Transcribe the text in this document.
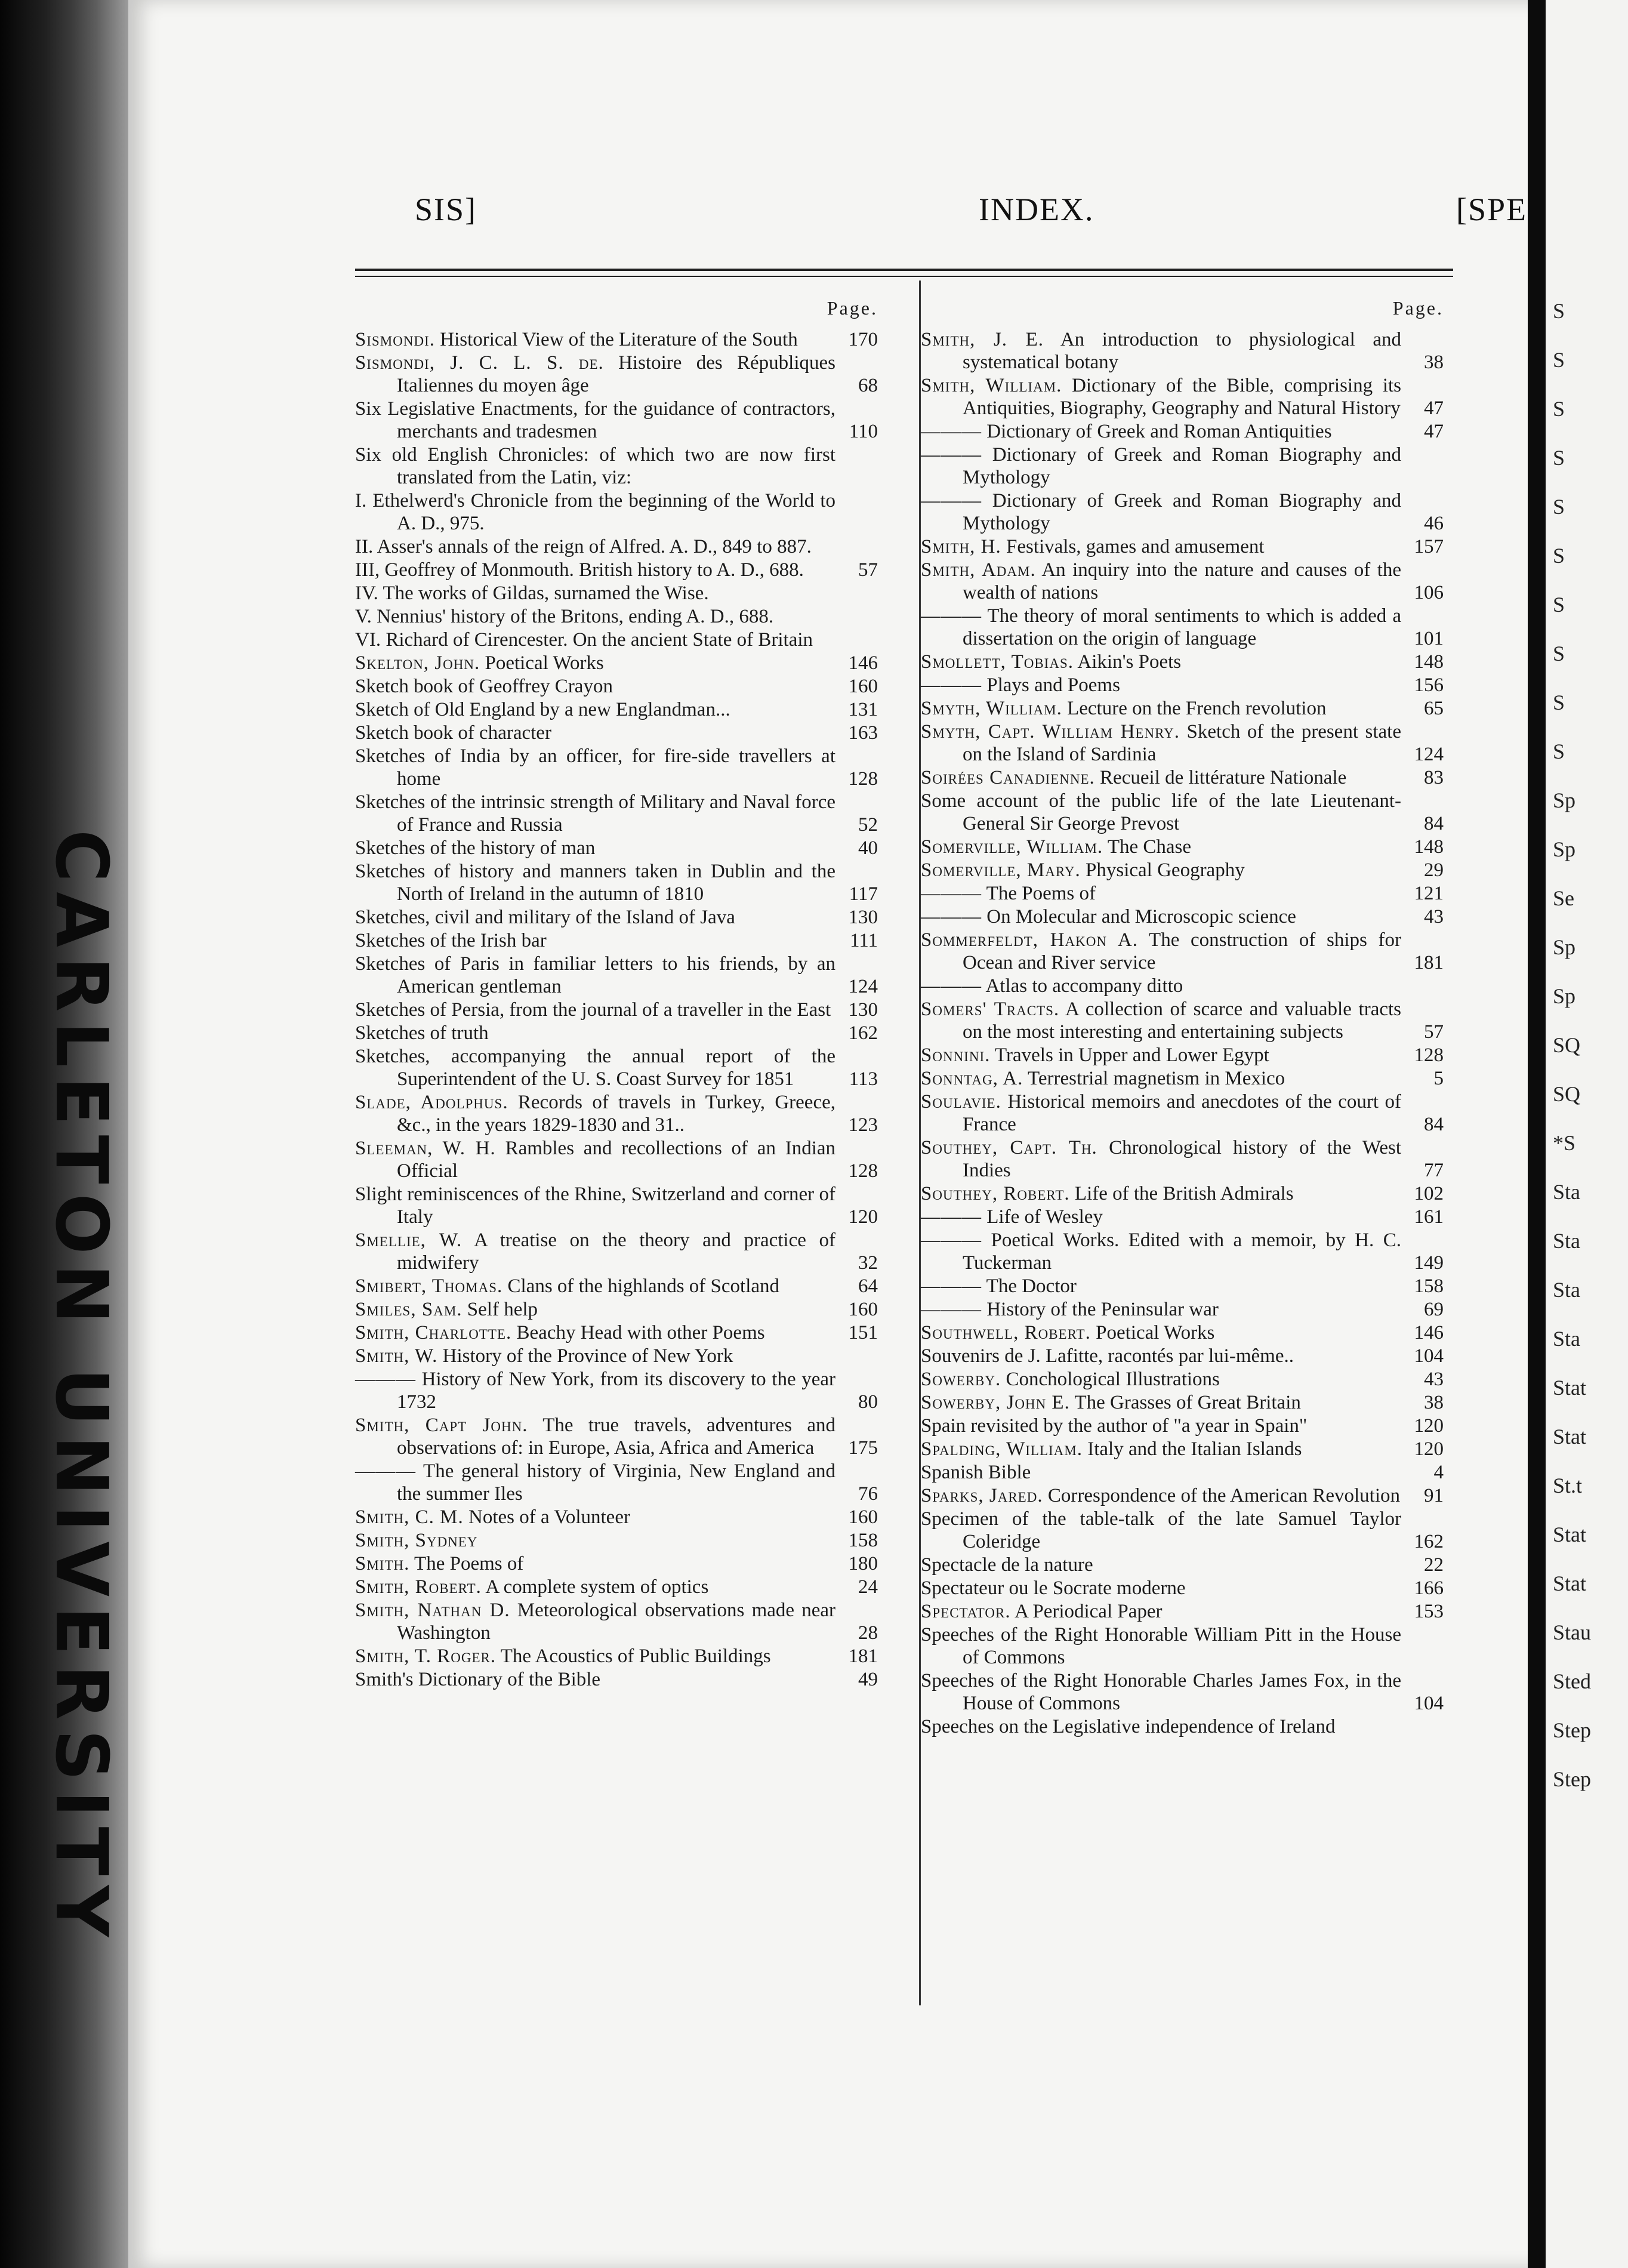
CARLETON UNIVERSITY
SIS]	INDEX.	[SPE
Page.
Sismondi. Historical View of the Literature of the South	170
Sismondi, J. C. L. S. de. Histoire des Républiques Italiennes du moyen âge	68
Six Legislative Enactments, for the guidance of contractors, merchants and tradesmen	110
Six old English Chronicles: of which two are now first translated from the Latin, viz:
I. Ethelwerd's Chronicle from the beginning of the World to A. D., 975.
II. Asser's annals of the reign of Alfred. A. D., 849 to 887.
III, Geoffrey of Monmouth. British history to A. D., 688.	57
IV. The works of Gildas, surnamed the Wise.
V. Nennius' history of the Britons, ending A. D., 688.
VI. Richard of Cirencester. On the ancient State of Britain
Skelton, John. Poetical Works	146
Sketch book of Geoffrey Crayon	160
Sketch of Old England by a new Englandman...	131
Sketch book of character	163
Sketches of India by an officer, for fire-side travellers at home	128
Sketches of the intrinsic strength of Military and Naval force of France and Russia	52
Sketches of the history of man	40
Sketches of history and manners taken in Dublin and the North of Ireland in the autumn of 1810	117
Sketches, civil and military of the Island of Java	130
Sketches of the Irish bar	111
Sketches of Paris in familiar letters to his friends, by an American gentleman	124
Sketches of Persia, from the journal of a traveller in the East 130
Sketches of truth	162
Sketches, accompanying the annual report of the Superintendent of the U. S. Coast Survey for 1851	113
Slade, Adolphus. Records of travels in Turkey, Greece, &c., in the years 1829-1830 and 31..	123
Sleeman, W. H. Rambles and recollections of an Indian Official	128
Slight reminiscences of the Rhine, Switzerland and corner of Italy	120
Smellie, W. A treatise on the theory and practice of midwifery	32
Smibert, Thomas. Clans of the highlands of Scotland	64
Smiles, Sam. Self help	160
Smith, Charlotte. Beachy Head with other Poems	151
Smith, W. History of the Province of New York
——— History of New York, from its discovery to the year 1732	80
Smith, Capt John. The true travels, adventures and observations of: in Europe, Asia, Africa and America	175
——— The general history of Virginia, New England and the summer Iles	76
Smith, C. M. Notes of a Volunteer	160
Smith, Sydney	158
Smith. The Poems of	180
Smith, Robert. A complete system of optics	24
Smith, Nathan D. Meteorological observations made near Washington	28
Smith, T. Roger. The Acoustics of Public Buildings	181
Smith's Dictionary of the Bible	49
Page.
Smith, J. E. An introduction to physiological and systematical botany	38
Smith, William. Dictionary of the Bible, comprising its Antiquities, Biography, Geography and Natural History 47
——— Dictionary of Greek and Roman Antiquities	47
——— Dictionary of Greek and Roman Biography and Mythology
——— Dictionary of Greek and Roman Biography and Mythology	46
Smith, H. Festivals, games and amusement	157
Smith, Adam. An inquiry into the nature and causes of the wealth of nations	106
——— The theory of moral sentiments to which is added a dissertation on the origin of language	101
Smollett, Tobias. Aikin's Poets	148
——— Plays and Poems	156
Smyth, William. Lecture on the French revolution	65
Smyth, Capt. William Henry. Sketch of the present state on the Island of Sardinia	124
Soirées Canadienne. Recueil de littérature Nationale	83
Some account of the public life of the late Lieutenant-General Sir George Prevost	84
Somerville, William. The Chase	148
Somerville, Mary. Physical Geography	29
——— The Poems of	121
——— On Molecular and Microscopic science	43
Sommerfeldt, Hakon A. The construction of ships for Ocean and River service	181
——— Atlas to accompany ditto
Somers' Tracts. A collection of scarce and valuable tracts on the most interesting and entertaining subjects	57
Sonnini. Travels in Upper and Lower Egypt	128
Sonntag, A. Terrestrial magnetism in Mexico	5
Soulavie. Historical memoirs and anecdotes of the court of France	84
Southey, Capt. Th. Chronological history of the West Indies	77
Southey, Robert. Life of the British Admirals	102
——— Life of Wesley	161
——— Poetical Works. Edited with a memoir, by H. C. Tuckerman	149
——— The Doctor	158
——— History of the Peninsular war	69
Southwell, Robert. Poetical Works	146
Souvenirs de J. Lafitte, racontés par lui-même..	104
Sowerby. Conchological Illustrations	43
Sowerby, John E. The Grasses of Great Britain	38
Spain revisited by the author of "a year in Spain"	120
Spalding, William. Italy and the Italian Islands	120
Spanish Bible	4
Sparks, Jared. Correspondence of the American Revolution 91
Specimen of the table-talk of the late Samuel Taylor Coleridge	162
Spectacle de la nature	22
Spectateur ou le Socrate moderne	166
Spectator. A Periodical Paper	153
Speeches of the Right Honorable William Pitt in the House of Commons
Speeches of the Right Honorable Charles James Fox, in the House of Commons	104
Speeches on the Legislative independence of Ireland
S
S
S
S
S
S
S
S
S
S
Sp
Sp
Se
Sp
Sp
SQ
SQ
*S
Sta
Sta
Sta
Sta
Stat
Stat
St.t
Stat
Stat
Stau
Sted
Step
Step
